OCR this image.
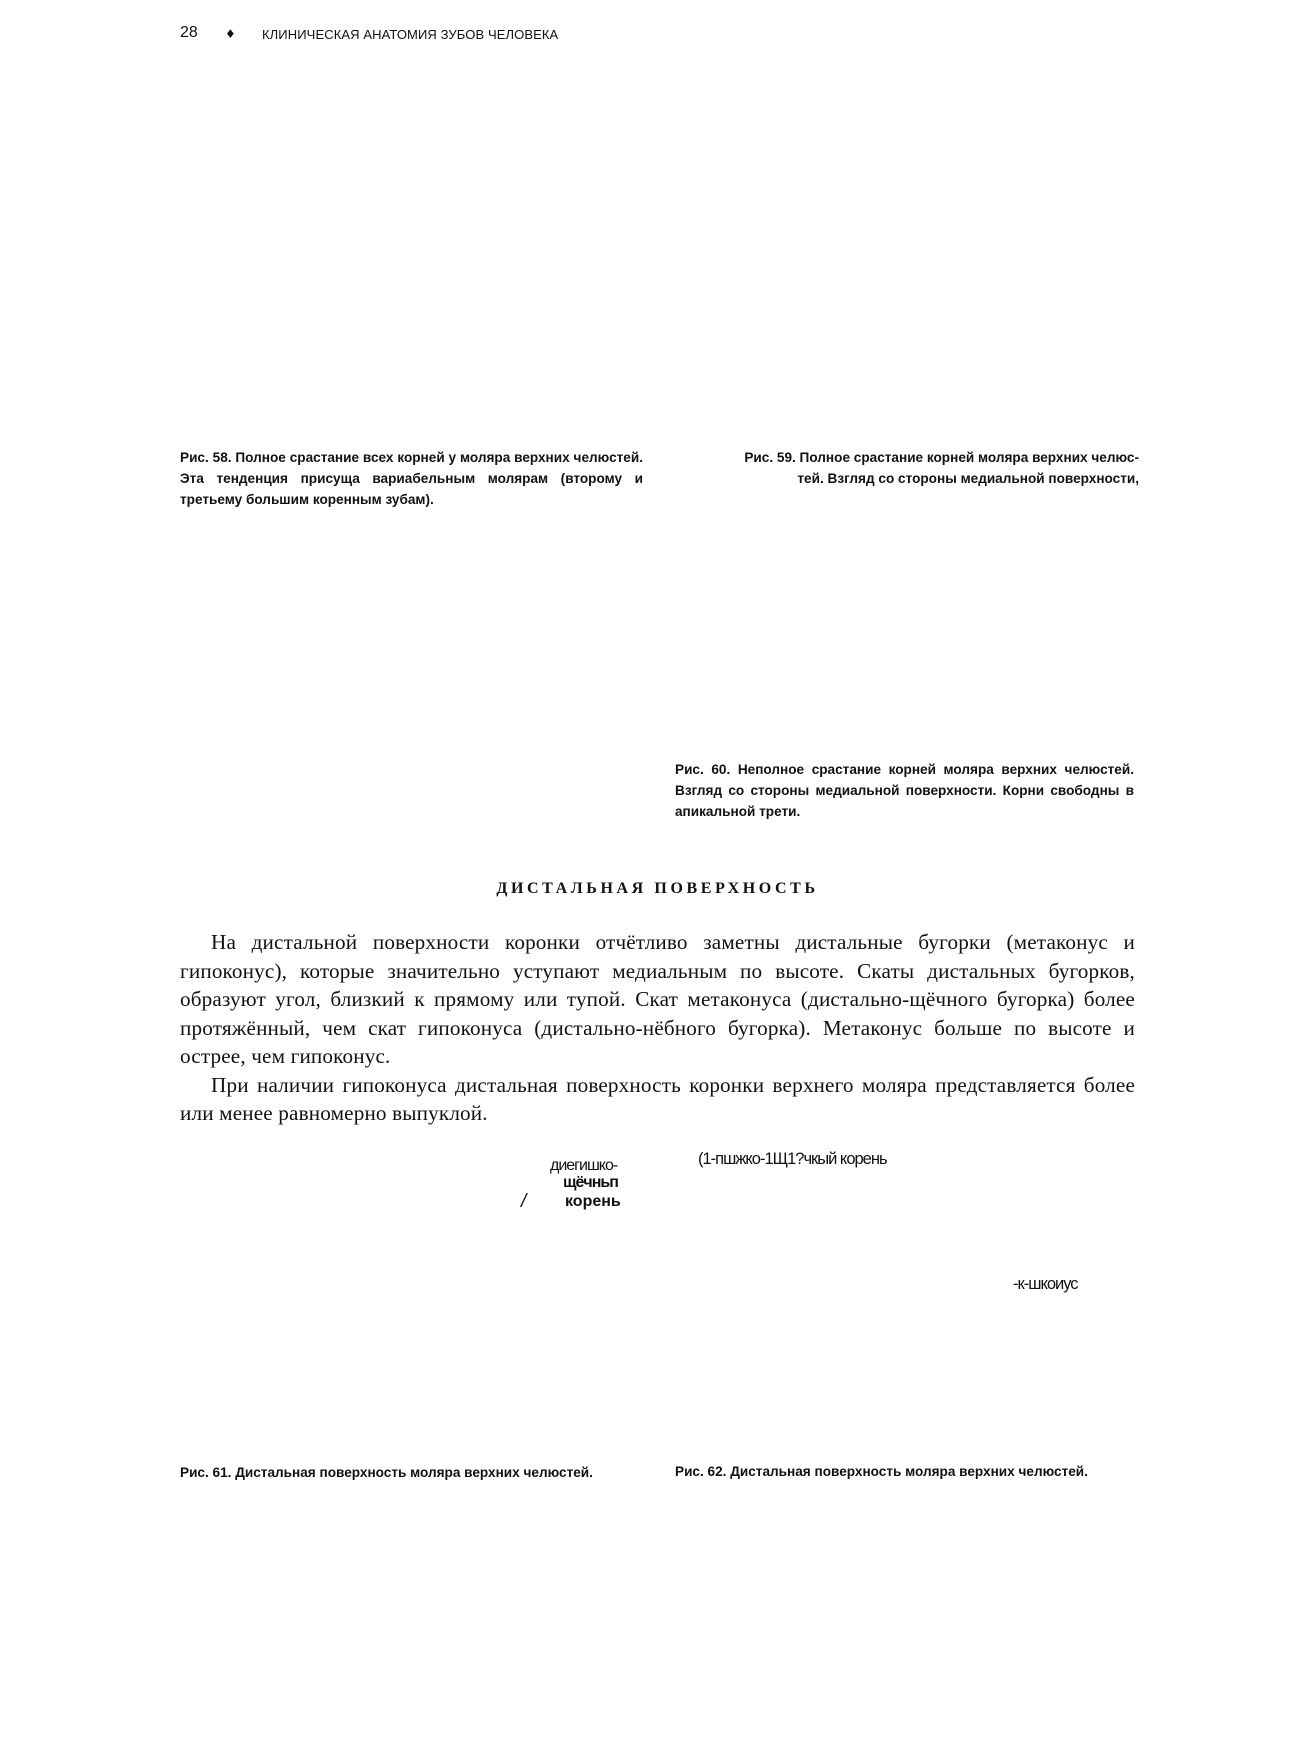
28 ♦ КЛИНИЧЕСКАЯ АНАТОМИЯ ЗУБОВ ЧЕЛОВЕКА

Рис. 58. Полное срастание всех корней у моляра верхних челюстей. Эта тенденция присуща вариабельным молярам (второму и третьему большим коренным зубам).

Рис. 59. Полное срастание корней моляра верхних челюс-
тей. Взгляд со стороны медиальной поверхности,

Рис. 60. Неполное срастание корней моляра верхних челюстей. Взгляд со стороны медиальной поверхности. Корни свободны в апикальной трети.

ДИСТАЛЬНАЯ ПОВЕРХНОСТЬ

На дистальной поверхности коронки отчётливо заметны дистальные бугорки (метаконус и гипоконус), которые значительно уступают медиальным по высоте. Скаты дистальных бугорков, образуют угол, близкий к прямому или тупой. Скат метаконуса (дистально-щёчного бугорка) более протяжённый, чем скат гипоконуса (дистально-нёбного бугорка). Метаконус больше по высоте и острее, чем гипоконус.

При наличии гипоконуса дистальная поверхность коронки верхнего моляра представляется более или менее равномерно выпуклой.

диегишко-
щёчньп
корень
/
(1-пшжко-1Щ1?чкый корень
-к-шкоиус

Рис. 61. Дистальная поверхность моляра верхних челюстей.	Рис. 62. Дистальная поверхность моляра верхних челюстей.
